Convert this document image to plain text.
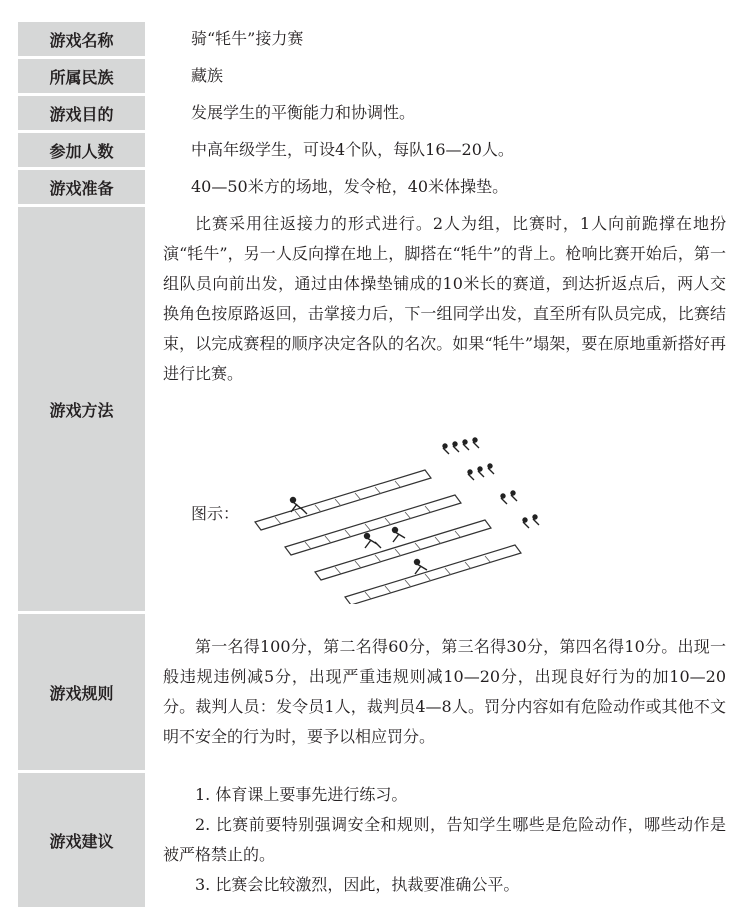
游戏名称	骑“牦牛”接力赛
所属民族	藏族
游戏目的	发展学生的平衡能力和协调性。
参加人数	中高年级学生，可设4个队，每队16—20人。
游戏准备	40—50米方的场地，发令枪，40米体操垫。
游戏方法	比赛采用往返接力的形式进行。2人为组，比赛时，1人向前跪撑在地扮演“牦牛”，另一人反向撑在地上，脚搭在“牦牛”的背上。枪响比赛开始后，第一组队员向前出发，通过由体操垫铺成的10米长的赛道，到达折返点后，两人交换角色按原路返回，击掌接力后，下一组同学出发，直至所有队员完成，比赛结束，以完成赛程的顺序决定各队的名次。如果“牦牛”塌架，要在原地重新搭好再进行比赛。

图示：

游戏规则	第一名得100分，第二名得60分，第三名得30分，第四名得10分。出现一般违规违例减5分，出现严重违规则减10—20分，出现良好行为的加10—20分。裁判人员：发令员1人，裁判员4—8人。罚分内容如有危险动作或其他不文明不安全的行为时，要予以相应罚分。

游戏建议	1. 体育课上要事先进行练习。

2. 比赛前要特别强调安全和规则，告知学生哪些是危险动作，哪些动作是被严格禁止的。

3. 比赛会比较激烈，因此，执裁要准确公平。
